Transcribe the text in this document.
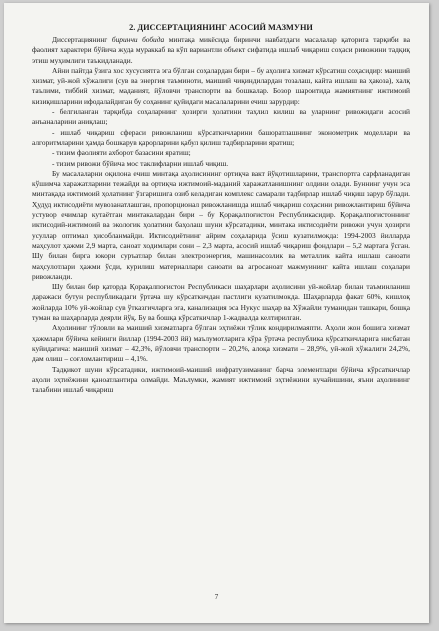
2. ДИССЕРТАЦИЯНИНГ АСОСИЙ МАЗМУНИ

Диссертациянинг биринчи бобида минтақа микёсида биринчи навбатдаги масалалар қаторига тарқиби ва фаолият характери бўйича жуда мураккаб ва кўп вариантли объект сифатида ишлаб чиқариш соҳаси ривожини тадқиқ этиш муҳимлиги таъкидланади.

Айни пайтда ўзига хос хусусиятга эга бўлган соҳалардан бири – бу аҳолига хизмат кўрсатиш соҳасидир: маиший хизмат, уй-жой хўжалиги (сув ва энергия таъминоти, маиший чиқиндилардан тозалаш, кайта ишлаш ва ҳакоза), халқ таълими, тиббий хизмат, маданият, йўловчи транспорти ва бошкалар. Бозор шароитида жамиятнинг ижтимоий кизиқишларини ифодалайдиган бу соҳанинг қуйидаги масалаларини ечиш зарурдир:

- белгиланган тарқибда соҳаларнинг ҳозирги ҳолатини таҳлил килиш ва уларнинг ривожидаги асосий анъаналарини аниқлаш;

- ишлаб чиқариш сфераси ривожланиш кўрсаткичларини башоратлашнинг эконометрик моделлари ва алгоритмларини ҳамда бошкарув қарорларини қабул қилиш тадбирларини ярaтиш;

- тизим фаолияти ахборот базасини ярaтиш;

- тизим ривожи бўйича мос таклифларни ишлаб чиқиш.

Бу масалаларни оқилона ечиш минтақа аҳолисининг ортиқча вакт йўқотишларини, транспортга сарфланадиган кўшимча харажатларини тежайди ва ортиқча ижтимоий-маданий харажатланишнинг олдини олади. Буннинг учун эса минтақада ижтимоий ҳолатнинг ўзгаришига озиб келадиган комплекс самарали тадбирлар ишлаб чиқиш зарур бўлади. Ҳудуд иктисодиёти мувозанатлашган, пропорционал ривожланишда ишлаб чиқариш соҳасини ривожлантириш бўйича устувор ечимлар кутаётган минтакалардан бири – бу Қорақалпоғистон Республикасидир. Қорақалпоғистоннинг иктисодий-ижтимоий ва экологик ҳолатини баҳолаш шуни кўрсатадики, минтака иктисодиёти ривожи учун ҳозирги усуллар оптимал ҳисобланмайди. Иктисодиётнинг айрим соҳаларида ўсиш кузатилмокда: 1994-2003 йилларда маҳсулот ҳажми 2,9 марта, саноат ходимлари сони – 2,3 марта, асосий ишлаб чиқариш фондлари – 5,2 мартага ўсган. Шу билан бирга юкори суръатлар билан электроэнергия, машинасозлик ва металлик кайта ишлаш саноати маҳсулотлари ҳажми ўсди, курилиш материаллари саноати ва агросаноат мажмуининг кайта ишлаш соҳалари ривожланди.

Шу билан бир қаторда Қорақалпоғистон Республикаси шаҳарлари аҳолисини уй-жойлар билан таъминланиш даражаси бутун республикадаги ўртача шу кўрсаткичдан пастлиги кузатилмокда. Шаҳарларда факат 60%, кишлоқ жойларда 10% уй-жойлар сув ўтказгичларга эга, канализация эса Нукус шаҳар ва Хўжайли туманидан ташкари, бошқа туман ва шаҳарларда деярли йўқ. Бу ва бошқа кўрсаткичлар 1-жадвалда келтирилган.

Аҳолининг тўловли ва маиший хизматларга бўлган эҳтиёжи тўлик кондирилмаяпти. Аҳоли жон бошига хизмат ҳажмлари бўйича кейинги йиллар (1994-2003 йй) маълумотларига кўра ўртача республика кўрсаткичларига нисбатан куйидагича: маиший хизмат – 42,3%, йўловчи транспорти – 20,2%, алоқа хизмати – 28,9%, уй-жой хўжалиги 24,2%, дам олиш – соғломлантириш – 4,1%.

Тадқикот шуни кўрсатадики, ижтимоий-маиший инфратузиманинг барча элементлари бўйича кўрсаткичлар аҳоли эҳтиёжини қаноатлантира олмайди. Маълумки, жамият ижтимоий эҳтиёжини кучайишини, яъни аҳолининг талабини ишлаб чиқариш

7
